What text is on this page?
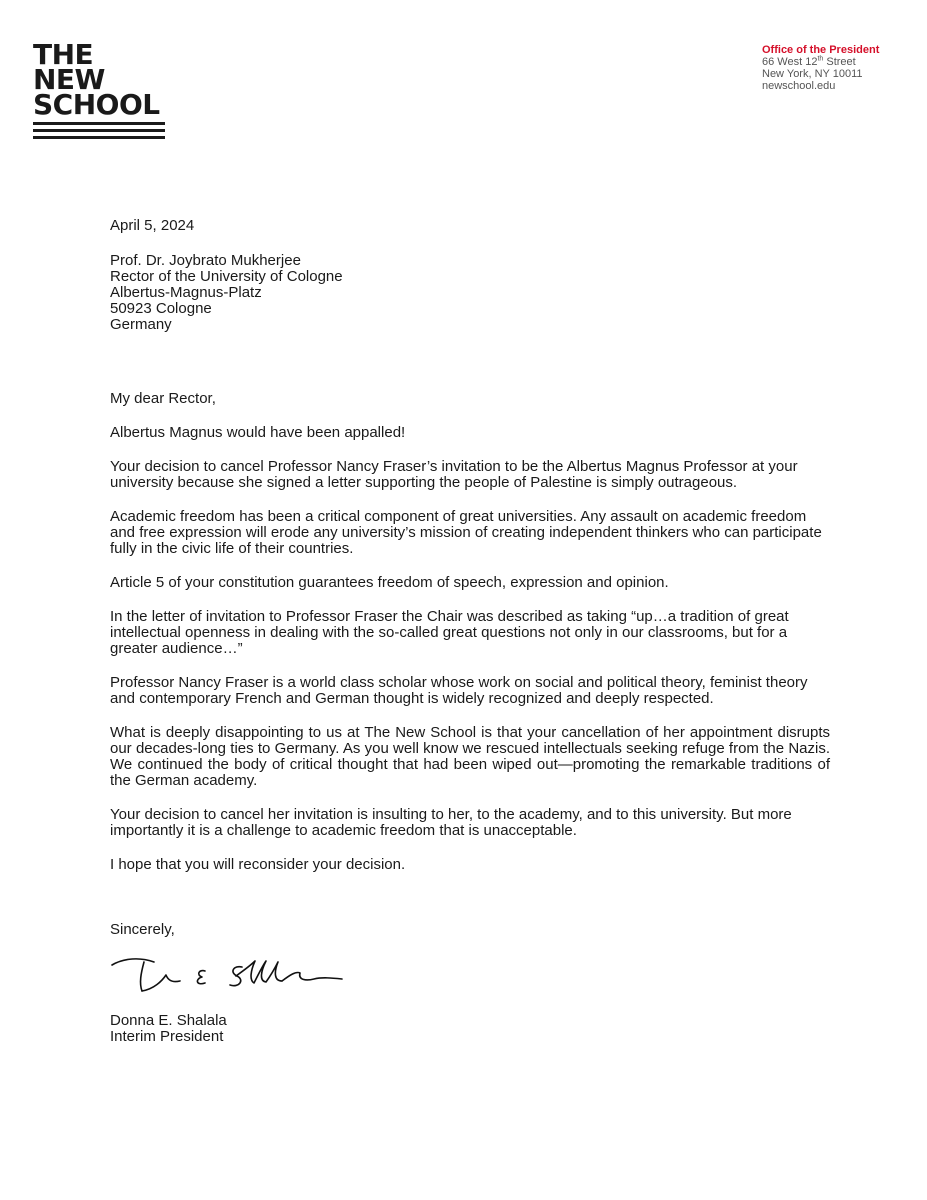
THE
NEW
SCHOOL
Office of the President
66 West 12th Street
New York, NY 10011
newschool.edu

April 5, 2024

Prof. Dr. Joybrato Mukherjee
Rector of the University of Cologne
Albertus-Magnus-Platz
50923 Cologne
Germany

My dear Rector,

Albertus Magnus would have been appalled!

Your decision to cancel Professor Nancy Fraser’s invitation to be the Albertus Magnus Professor at your university because she signed a letter supporting the people of Palestine is simply outrageous.

Academic freedom has been a critical component of great universities. Any assault on academic freedom and free expression will erode any university’s mission of creating independent thinkers who can participate fully in the civic life of their countries.

Article 5 of your constitution guarantees freedom of speech, expression and opinion.

In the letter of invitation to Professor Fraser the Chair was described as taking “up…a tradition of great intellectual openness in dealing with the so-called great questions not only in our classrooms, but for a greater audience…”

Professor Nancy Fraser is a world class scholar whose work on social and political theory, feminist theory and contemporary French and German thought is widely recognized and deeply respected.

What is deeply disappointing to us at The New School is that your cancellation of her appointment disrupts our decades-long ties to Germany. As you well know we rescued intellectuals seeking refuge from the Nazis. We continued the body of critical thought that had been wiped out—promoting the remarkable traditions of the German academy.

Your decision to cancel her invitation is insulting to her, to the academy, and to this university. But more importantly it is a challenge to academic freedom that is unacceptable.

I hope that you will reconsider your decision.

Sincerely,

Donna E. Shalala
Interim President
